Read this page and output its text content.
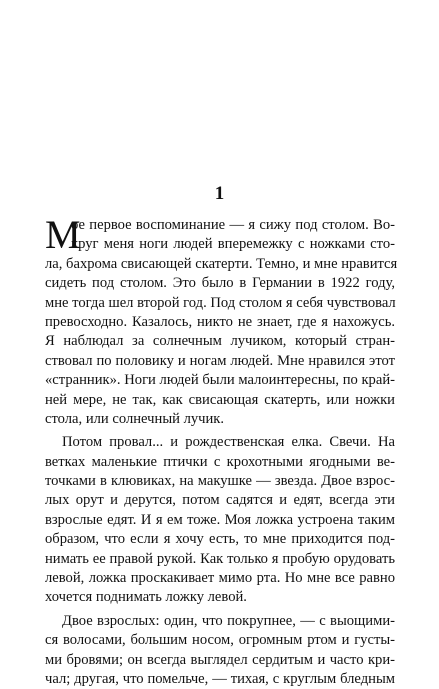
1
М
ое первое воспоминание — я сижу под столом. Во-
круг меня ноги людей вперемежку с ножками сто-
ла, бахрома свисающей скатерти. Темно, и мне нравится
сидеть под столом. Это было в Германии в 1922 году,
мне тогда шел второй год. Под столом я себя чувствовал
превосходно. Казалось, никто не знает, где я нахожусь.
Я наблюдал за солнечным лучиком, который стран-
ствовал по половику и ногам людей. Мне нравился этот
«странник». Ноги людей были малоинтересны, по край-
ней мере, не так, как свисающая скатерть, или ножки
стола, или солнечный лучик.
Потом провал... и рождественская елка. Свечи. На
ветках маленькие птички с крохотными ягодными ве-
точками в клювиках, на макушке — звезда. Двое взрос-
лых орут и дерутся, потом садятся и едят, всегда эти
взрослые едят. И я ем тоже. Моя ложка устроена таким
образом, что если я хочу есть, то мне приходится под-
нимать ее правой рукой. Как только я пробую орудовать
левой, ложка проскакивает мимо рта. Но мне все равно
хочется поднимать ложку левой.
Двое взрослых: один, что покрупнее, — с выощими-
ся волосами, большим носом, огромным ртом и густы-
ми бровями; он всегда выглядел сердитым и часто кри-
чал; другая, что помельче, — тихая, с круглым бледным
